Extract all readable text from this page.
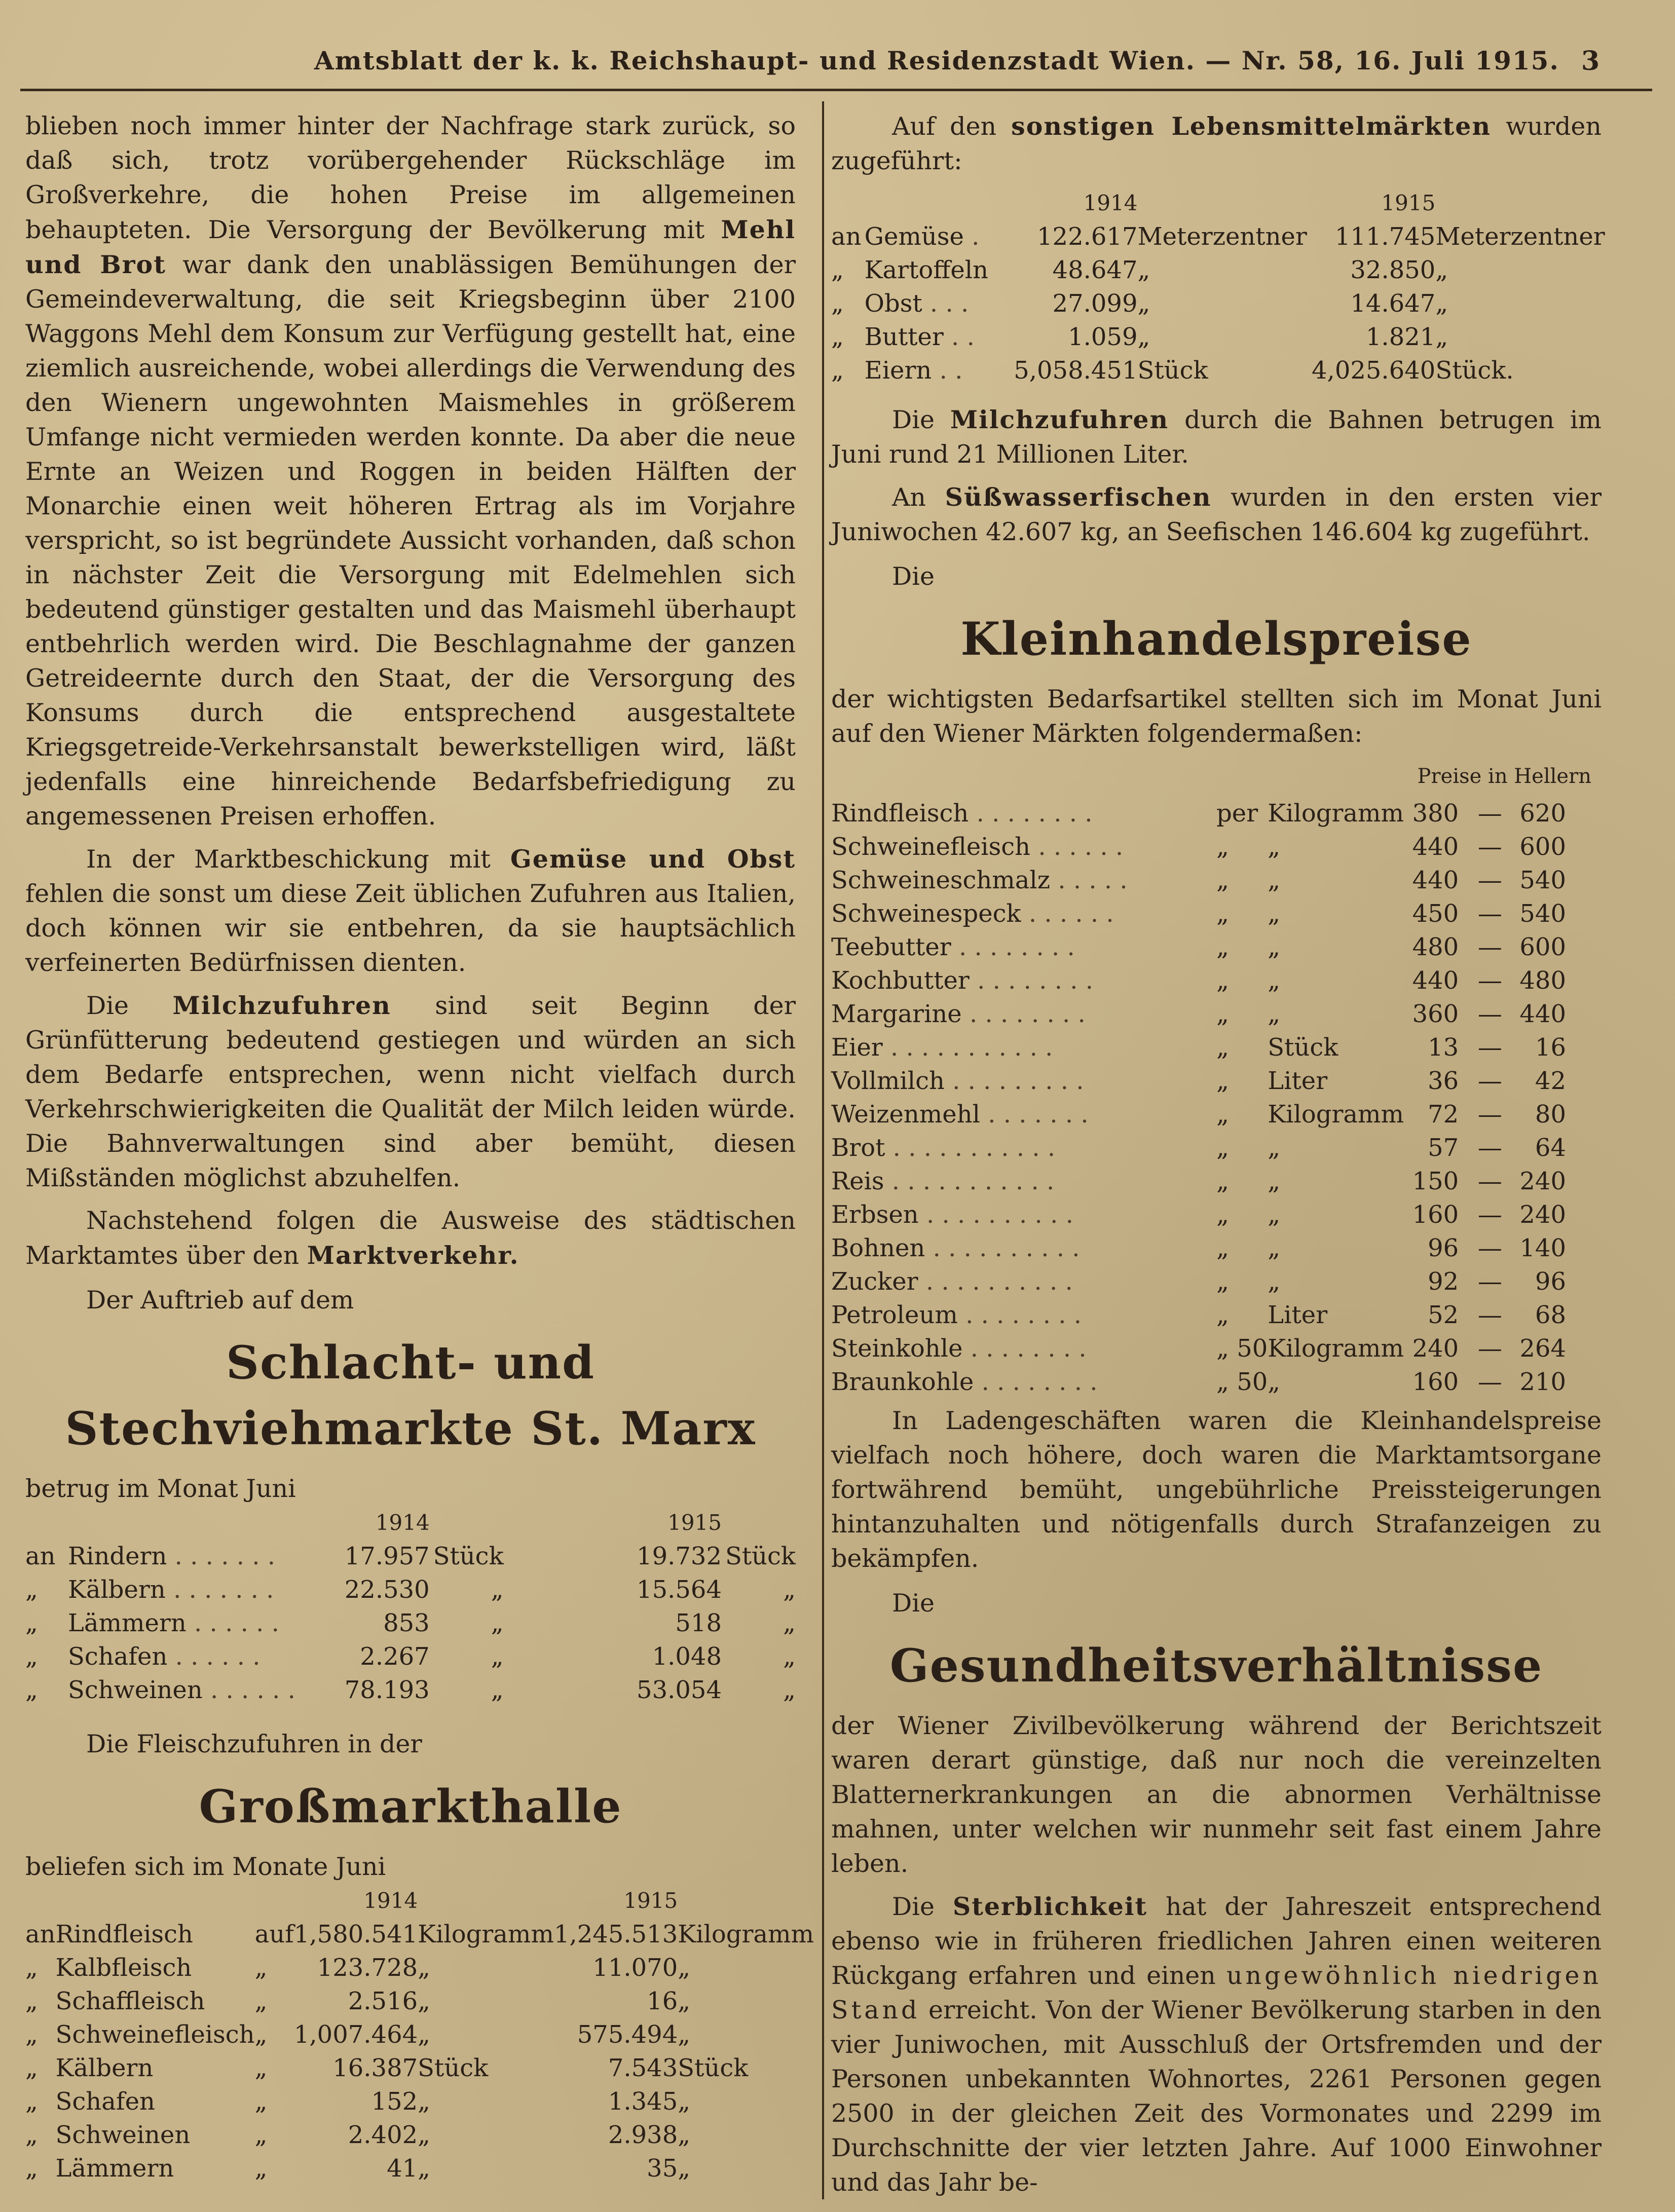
Amtsblatt der k. k. Reichshaupt- und Residenzstadt Wien. — Nr. 58, 16. Juli 1915. 3

blieben noch immer hinter der Nachfrage stark zurück, so daß sich, trotz vorübergehender Rückschläge im Großverkehre, die hohen Preise im allgemeinen behaupteten. Die Versorgung der Bevölkerung mit Mehl und Brot war dank den unablässigen Bemühungen der Gemeindeverwaltung, die seit Kriegsbeginn über 2100 Waggons Mehl dem Konsum zur Verfügung gestellt hat, eine ziemlich ausreichende, wobei allerdings die Verwendung des den Wienern ungewohnten Maismehles in größerem Umfange nicht vermieden werden konnte. Da aber die neue Ernte an Weizen und Roggen in beiden Hälften der Monarchie einen weit höheren Ertrag als im Vorjahre verspricht, so ist begründete Aussicht vorhanden, daß schon in nächster Zeit die Versorgung mit Edelmehlen sich bedeutend günstiger gestalten und das Maismehl überhaupt entbehrlich werden wird. Die Beschlagnahme der ganzen Getreideernte durch den Staat, der die Versorgung des Konsums durch die entsprechend ausgestaltete Kriegsgetreide-Verkehrsanstalt bewerkstelligen wird, läßt jedenfalls eine hinreichende Bedarfsbefriedigung zu angemessenen Preisen erhoffen.

In der Marktbeschickung mit Gemüse und Obst fehlen die sonst um diese Zeit üblichen Zufuhren aus Italien, doch können wir sie entbehren, da sie hauptsächlich verfeinerten Bedürfnissen dienten.

Die Milchzufuhren sind seit Beginn der Grünfütterung bedeutend gestiegen und würden an sich dem Bedarfe entsprechen, wenn nicht vielfach durch Verkehrschwierigkeiten die Qualität der Milch leiden würde. Die Bahnverwaltungen sind aber bemüht, diesen Mißständen möglichst abzuhelfen.

Nachstehend folgen die Ausweise des städtischen Marktamtes über den Marktverkehr.

Der Auftrieb auf dem
Schlacht- und Stechviehmarkte St. Marx
betrug im Monat Juni
		1914		1915	
an	Rindern . . . . . . .	17.957	Stück	19.732	Stück
„	Kälbern . . . . . . .	22.530	„	15.564	„
„	Lämmern . . . . . .	853	„	518	„
„	Schafen . . . . . .	2.267	„	1.048	„
„	Schweinen . . . . . .	78.193	„	53.054	„
Die Fleischzufuhren in der
Großmarkthalle
beliefen sich im Monate Juni
			1914		1915	
an	Rindfleisch	auf	1,580.541	Kilogramm	1,245.513	Kilogramm
„	Kalbfleisch	„	123.728	„	11.070	„
„	Schaffleisch	„	2.516	„	16	„
„	Schweinefleisch	„	1,007.464	„	575.494	„
„	Kälbern	„	16.387	Stück	7.543	Stück
„	Schafen	„	152	„	1.345	„
„	Schweinen	„	2.402	„	2.938	„
„	Lämmern	„	41	„	35	„

Auf den sonstigen Lebensmittelmärkten wurden zugeführt:

		1914		1915	
an	Gemüse .	122.617	Meterzentner	111.745	Meterzentner
„	Kartoffeln	48.647	„	32.850	„
„	Obst . . .	27.099	„	14.647	„
„	Butter . .	1.059	„	1.821	„
„	Eiern . .	5,058.451	Stück	4,025.640	Stück.

Die Milchzufuhren durch die Bahnen betrugen im Juni rund 21 Millionen Liter.

An Süßwasserfischen wurden in den ersten vier Juniwochen 42.607 kg, an Seefischen 146.604 kg zugeführt.

Die
Kleinhandelspreise

der wichtigsten Bedarfsartikel stellten sich im Monat Juni auf den Wiener Märkten folgendermaßen:

Preise in Hellern
Rindfleisch . . . . . . . .	per	Kilogramm	380	—	620
Schweinefleisch . . . . . .	„	„	440	—	600
Schweineschmalz . . . . .	„	„	440	—	540
Schweinespeck . . . . . .	„	„	450	—	540
Teebutter . . . . . . . .	„	„	480	—	600
Kochbutter . . . . . . . .	„	„	440	—	480
Margarine . . . . . . . .	„	„	360	—	440
Eier . . . . . . . . . . .	„	Stück	13	—	16
Vollmilch . . . . . . . . .	„	Liter	36	—	42
Weizenmehl . . . . . . .	„	Kilogramm	72	—	80
Brot . . . . . . . . . . .	„	„	57	—	64
Reis . . . . . . . . . . .	„	„	150	—	240
Erbsen . . . . . . . . . .	„	„	160	—	240
Bohnen . . . . . . . . . .	„	„	96	—	140
Zucker . . . . . . . . . .	„	„	92	—	96
Petroleum . . . . . . . .	„	Liter	52	—	68
Steinkohle . . . . . . . .	„ 50	Kilogramm	240	—	264
Braunkohle . . . . . . . .	„ 50	„	160	—	210

In Ladengeschäften waren die Kleinhandelspreise vielfach noch höhere, doch waren die Marktamtsorgane fortwährend bemüht, ungebührliche Preissteigerungen hintanzuhalten und nötigenfalls durch Strafanzeigen zu bekämpfen.

Die
Gesundheitsverhältnisse

der Wiener Zivilbevölkerung während der Berichtszeit waren derart günstige, daß nur noch die vereinzelten Blatternerkrankungen an die abnormen Verhältnisse mahnen, unter welchen wir nunmehr seit fast einem Jahre leben.

Die Sterblichkeit hat der Jahreszeit entsprechend ebenso wie in früheren friedlichen Jahren einen weiteren Rückgang erfahren und einen ungewöhnlich niedrigen Stand erreicht. Von der Wiener Bevölkerung starben in den vier Juniwochen, mit Ausschluß der Ortsfremden und der Personen unbekannten Wohnortes, 2261 Personen gegen 2500 in der gleichen Zeit des Vormonates und 2299 im Durchschnitte der vier letzten Jahre. Auf 1000 Einwohner und das Jahr be-
